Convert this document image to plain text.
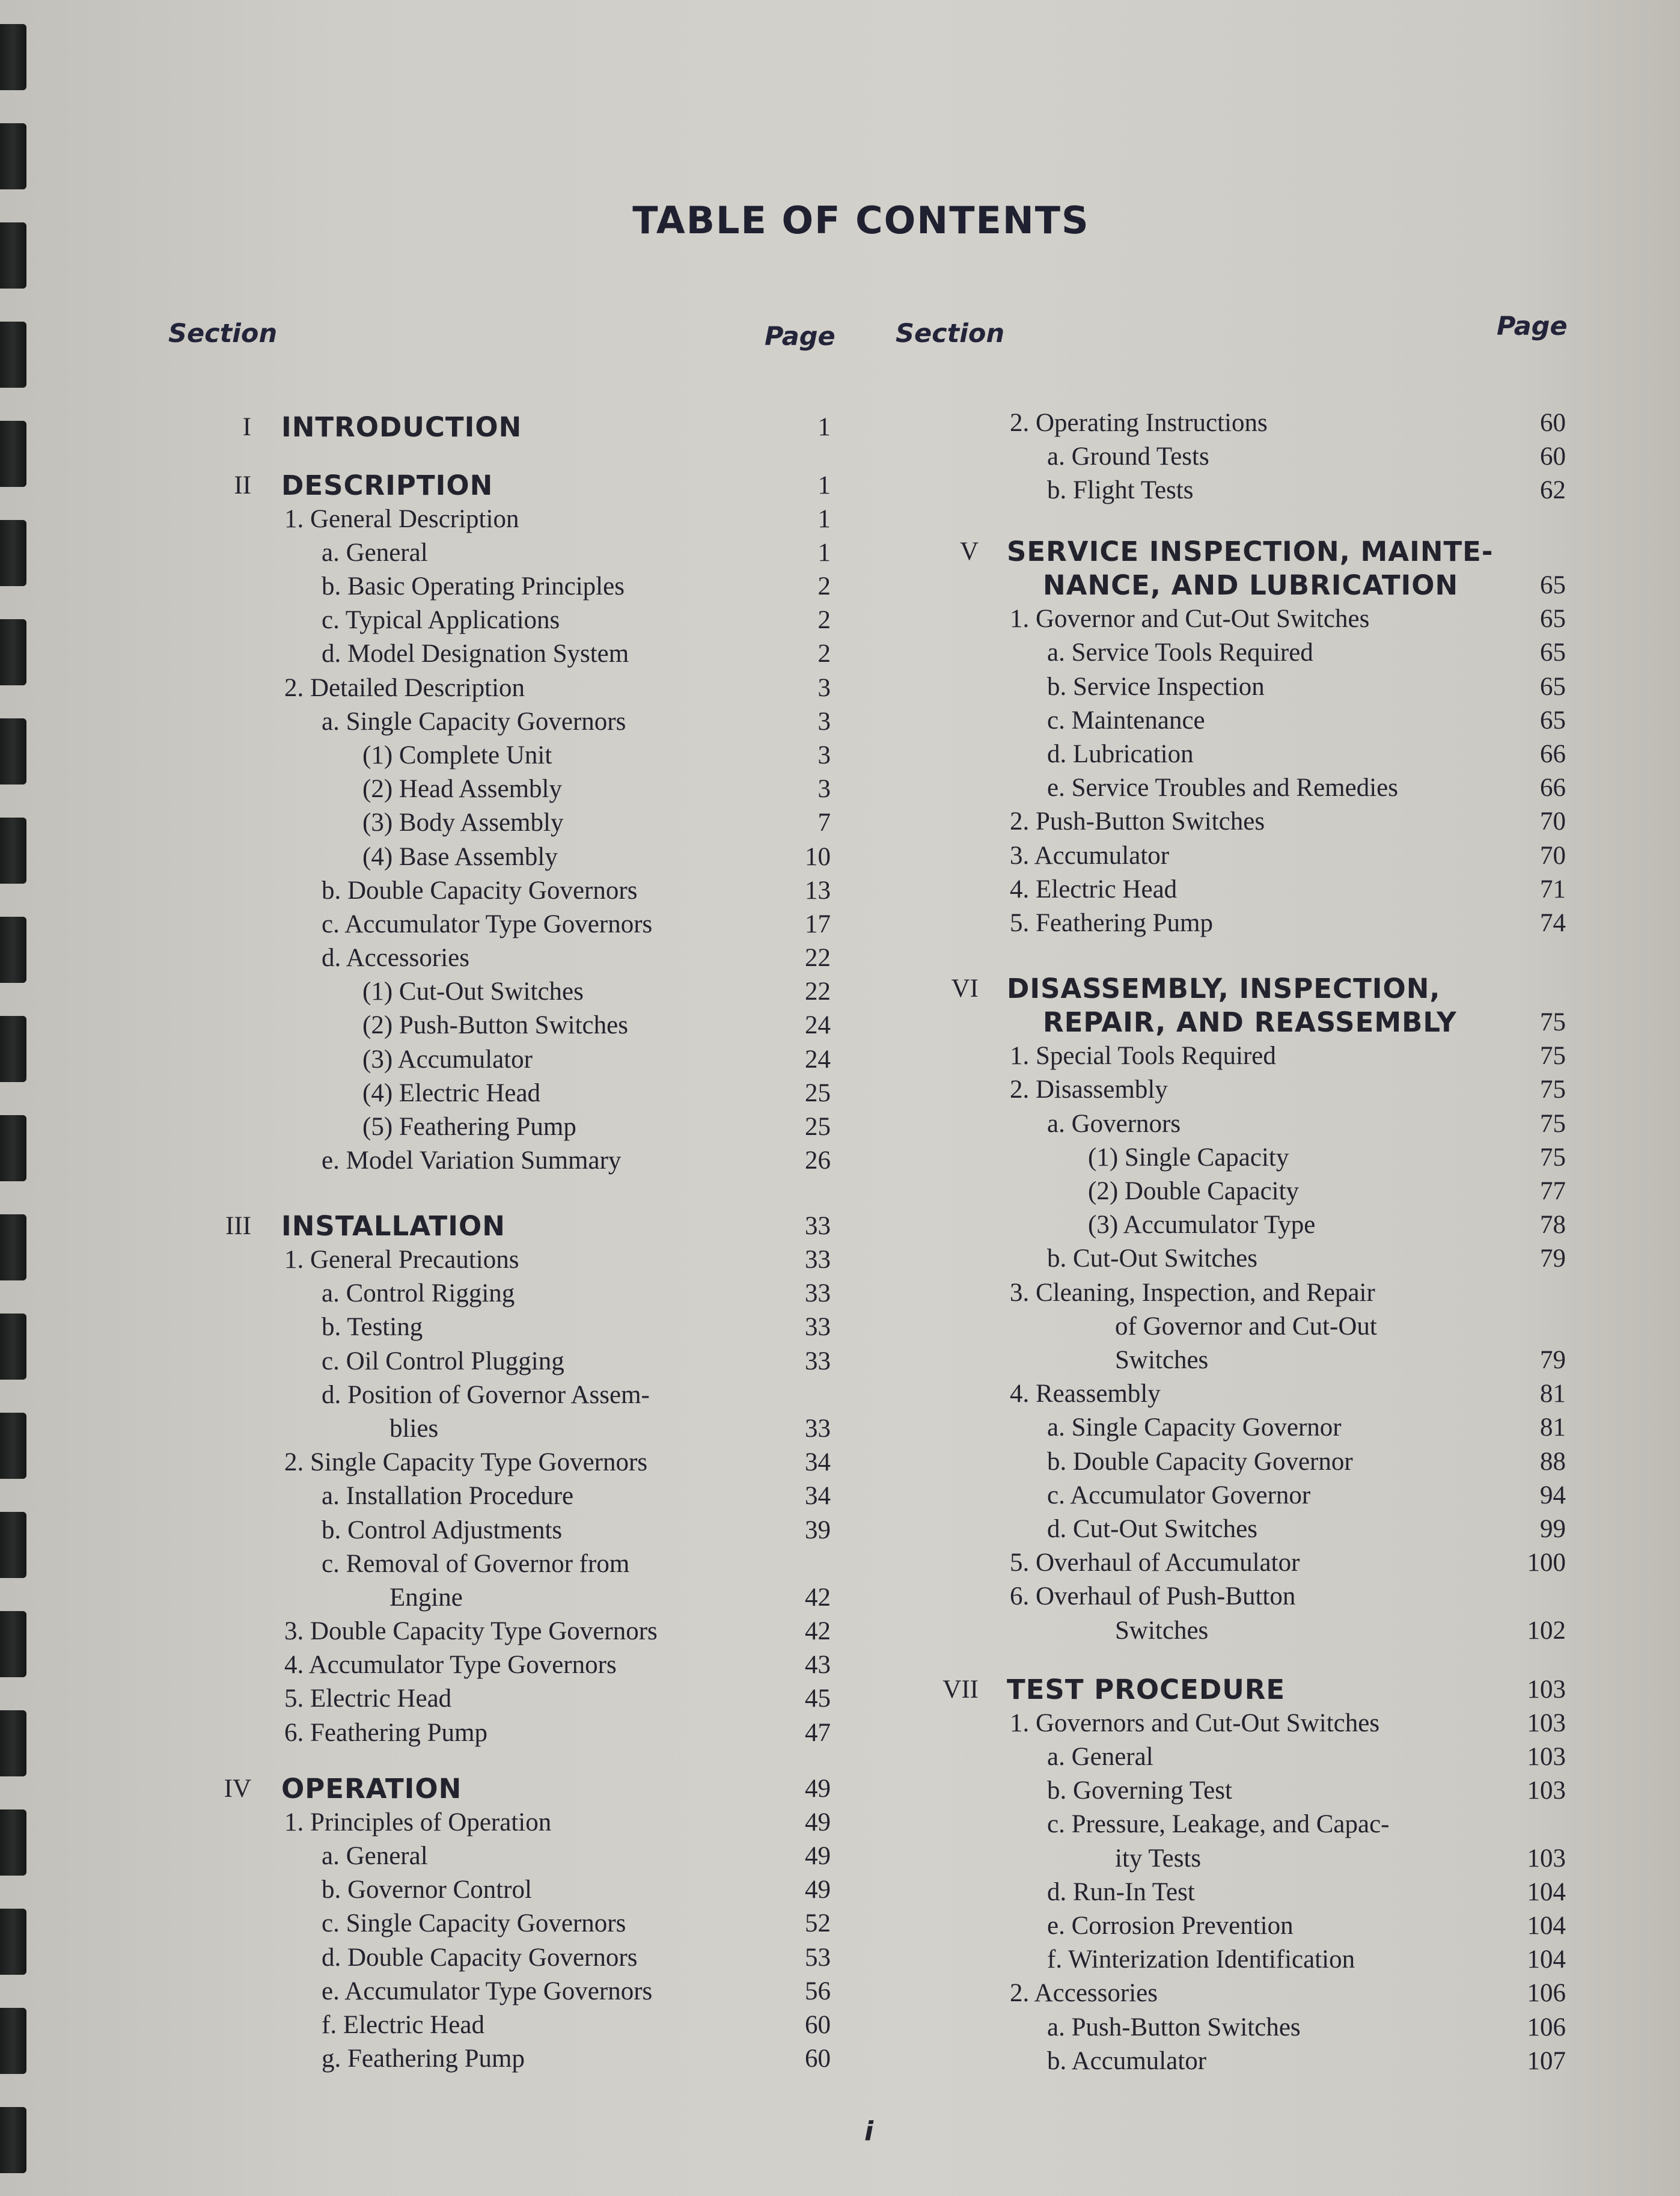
TABLE OF CONTENTS
Section	Page Section	Page
I INTRODUCTION	1
II DESCRIPTION	1
1. General Description	1
a. General	1
b. Basic Operating Principles	2
c. Typical Applications	2
d. Model Designation System	2
2. Detailed Description	3
a. Single Capacity Governors	3
(1) Complete Unit	3
(2) Head Assembly	3
(3) Body Assembly	7
(4) Base Assembly	10
b. Double Capacity Governors	13
c. Accumulator Type Governors	17
d. Accessories	22
(1) Cut-Out Switches	22
(2) Push-Button Switches	24
(3) Accumulator	24
(4) Electric Head	25
(5) Feathering Pump	25
e. Model Variation Summary	26
III INSTALLATION	33
1. General Precautions	33
a. Control Rigging	33
b. Testing	33
c. Oil Control Plugging	33
d. Position of Governor Assem-
blies	33
2. Single Capacity Type Governors	34
a. Installation Procedure	34
b. Control Adjustments	39
c. Removal of Governor from
Engine	42
3. Double Capacity Type Governors	42
4. Accumulator Type Governors	43
5. Electric Head	45
6. Feathering Pump	47
IV OPERATION	49
1. Principles of Operation	49
a. General	49
b. Governor Control	49
c. Single Capacity Governors	52
d. Double Capacity Governors	53
e. Accumulator Type Governors	56
f. Electric Head	60
g. Feathering Pump	60
2. Operating Instructions	60
a. Ground Tests	60
b. Flight Tests	62
V SERVICE INSPECTION, MAINTE-
NANCE, AND LUBRICATION	65
1. Governor and Cut-Out Switches	65
a. Service Tools Required	65
b. Service Inspection	65
c. Maintenance	65
d. Lubrication	66
e. Service Troubles and Remedies	66
2. Push-Button Switches	70
3. Accumulator	70
4. Electric Head	71
5. Feathering Pump	74
VI DISASSEMBLY, INSPECTION,
REPAIR, AND REASSEMBLY	75
1. Special Tools Required	75
2. Disassembly	75
a. Governors	75
(1) Single Capacity	75
(2) Double Capacity	77
(3) Accumulator Type	78
b. Cut-Out Switches	79
3. Cleaning, Inspection, and Repair
of Governor and Cut-Out
Switches	79
4. Reassembly	81
a. Single Capacity Governor	81
b. Double Capacity Governor	88
c. Accumulator Governor	94
d. Cut-Out Switches	99
5. Overhaul of Accumulator	100
6. Overhaul of Push-Button
Switches	102
VII TEST PROCEDURE	103
1. Governors and Cut-Out Switches	103
a. General	103
b. Governing Test	103
c. Pressure, Leakage, and Capac-
ity Tests	103
d. Run-In Test	104
e. Corrosion Prevention	104
f. Winterization Identification	104
2. Accessories	106
a. Push-Button Switches	106
b. Accumulator	107
i
